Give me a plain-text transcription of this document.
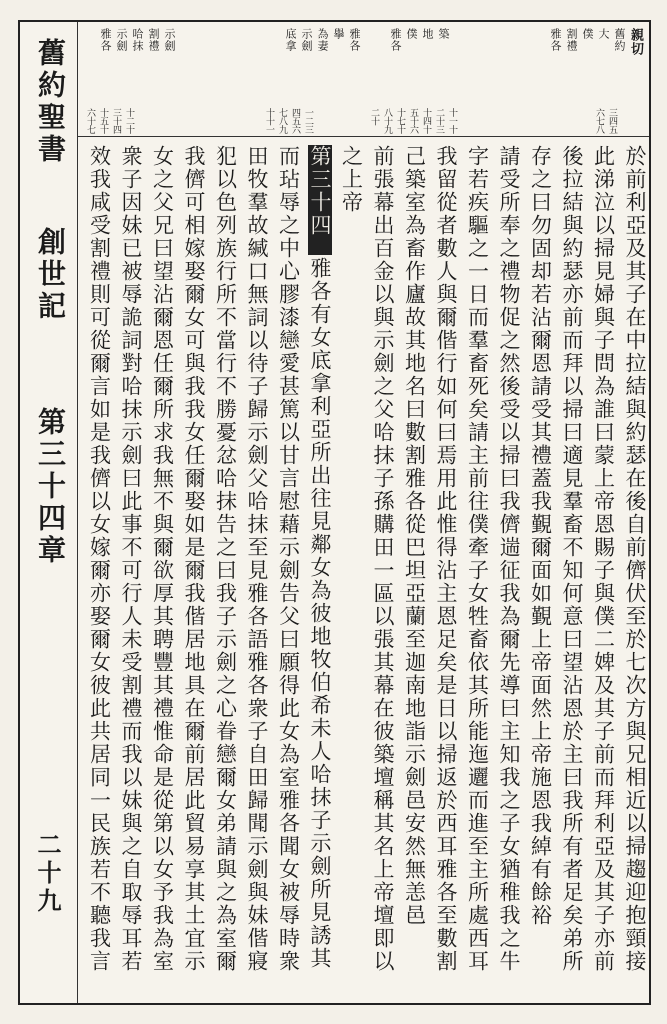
舊約聖書
創世記
第三十四章
二十九
親切
三四五六七八
十一十二十三十四十五十六十七十八十九二十
一二三四五六七八九十十一
十二十三十四十五十六十七
雅各 割禮 僕 大 舊約
雅各 僕 地 築
底拿 示劍 為妻 擧 雅各
雅各 示劍 哈抹 割禮 示劍
於前利亞及其子在中拉結與約瑟在後自前儕伏至於七次方與兄相近以掃趨迎抱頸接
此涕泣以掃見婦與子問為誰曰蒙上帝恩賜子與僕二婢及其子前而拜利亞及其子亦前
後拉結與約瑟亦前而拜以掃曰適見羣畜不知何意曰望沾恩於主曰我所有者足矣弟所
存之曰勿固却若沾爾恩請受其禮蓋我覲爾面如覲上帝面然上帝施恩我綽有餘裕
請受所奉之禮物促之然後受以掃曰我儕遄征我為爾先導曰主知我之子女猶稚我之牛
字若疾驅之一日而羣畜死矣請主前往僕牽子女牲畜依其所能迤邐而進至主所處西耳
我留從者數人與爾偕行如何曰焉用此惟得沾主恩足矣是日以掃返於西耳雅各至數割
己築室為畜作廬故其地名曰數割雅各從巴坦亞蘭至迦南地詣示劍邑安然無恙邑
前張幕出百金以與示劍之父哈抹子孫購田一區以張其幕在彼築壇稱其名上帝壇即以
之上帝
雅各有女底拿利亞所出往見鄰女為彼地牧伯希未人哈抹子示劍所見誘其
而玷辱之中心膠漆戀愛甚篤以甘言慰藉示劍告父曰願得此女為室雅各聞女被辱時衆
田牧羣故緘口無詞以待子歸示劍父哈抹至見雅各語雅各衆子自田歸聞示劍與妹偕寢
犯以色列族行所不當行不勝憂忿哈抹告之曰我子示劍之心眷戀爾女弟請與之為室爾
我儕可相嫁娶爾女可與我我女任爾娶如是爾我偕居地具在爾前居此貿易享其土宜示
女之父兄曰望沾爾恩任爾所求我無不與爾欲厚其聘豐其禮惟命是從第以女予我為室
衆子因妹已被辱詭詞對哈抹示劍曰此事不可行人未受割禮而我以妹與之自取辱耳若
效我咸受割禮則可從爾言如是我儕以女嫁爾亦娶爾女彼此共居同一民族若不聽我言
第三十四
